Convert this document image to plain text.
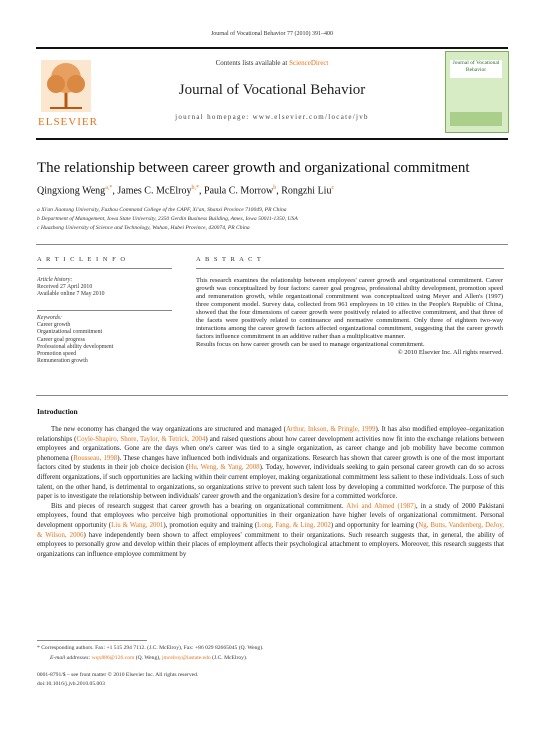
Journal of Vocational Behavior 77 (2010) 391–400
ELSEVIER
Contents lists available at ScienceDirect
Journal of Vocational Behavior
journal homepage: www.elsevier.com/locate/jvb
Journal of Vocational Behavior
The relationship between career growth and organizational commitment
Qingxiong Weng$^{a,*}$, James C. McElroy$^{b,*}$, Paula C. Morrow$^b$, Rongzhi Liu$^c$
a Xi'an Jiaotong University, Fuzhou Command College of the CAPF, Xi'an, Shanxi Province 710049, PR China
b Department of Management, Iowa State University, 2350 Gerdin Business Building, Ames, Iowa 50011-1350, USA
c Huazhong University of Science and Technology, Wuhan, Hubei Province, 430074, PR China
A R T I C L E I N F O
Article history:
Received 27 April 2010
Available online 7 May 2010
Keywords:
Career growth
Organizational commitment
Career goal progress
Professional ability development
Promotion speed
Remuneration growth
A B S T R A C T
This research examines the relationship between employees' career growth and organizational commitment. Career growth was conceptualized by four factors: career goal progress, professional ability development, promotion speed and remuneration growth, while organizational commitment was conceptualized using Meyer and Allen's (1997) three component model. Survey data, collected from 961 employees in 10 cities in the People's Republic of China, showed that the four dimensions of career growth were positively related to affective commitment, and that three of the facets were positively related to continuance and normative commitment. Only three of eighteen two-way interactions among the career growth factors affected organizational commitment, suggesting that the career growth factors influence commitment in an additive rather than a multiplicative manner.
Results focus on how career growth can be used to manage organizational commitment.
© 2010 Elsevier Inc. All rights reserved.
Introduction

The new economy has changed the way organizations are structured and managed (Arthur, Inkson, & Pringle, 1999). It has also modified employee–organization relationships (Coyle-Shapiro, Shore, Taylor, & Tetrick, 2004) and raised questions about how career development activities now fit into the exchange relations between employees and organizations. Gone are the days when one's career was tied to a single organization, as career change and job mobility have become common phenomena (Rousseau, 1998). These changes have influenced both individuals and organizations. Research has shown that career growth is one of the most important factors cited by students in their job choice decision (Hu, Weng, & Yang, 2008). Today, however, individuals seeking to gain personal career growth can do so across different organizations, if such opportunities are lacking within their current employer, making organizational commitment less salient to these individuals. Loss of such talent, on the other hand, is detrimental to organizations, so organizations strive to prevent such talent loss by developing a committed workforce. The purpose of this paper is to investigate the relationship between individuals' career growth and the organization's desire for a committed workforce.

Bits and pieces of research suggest that career growth has a bearing on organizational commitment. Alvi and Ahmed (1987), in a study of 2000 Pakistani employees, found that employees who perceive high promotional opportunities in their organization have higher levels of organizational commitment. Personal development opportunity (Liu & Wang, 2001), promotion equity and training (Long, Fang, & Ling, 2002) and opportunity for learning (Ng, Butts, Vandenberg, DeJoy, & Wilson, 2006) have independently been shown to affect employees' commitment to their organizations. Such research suggests that, in general, the ability of employees to personally grow and develop within their places of employment affects their psychological attachment to employers. Moreover, this research suggests that organizations can influence employee commitment by

* Corresponding authors. Fax: +1 515 294 7112. (J.C. McElroy), Fax: +86 029 82665045 (Q. Weng).
E-mail addresses: wqx886@126.com (Q. Weng), jmcelroy@iastate.edu (J.C. McElroy).
0001-8791/$ – see front matter © 2010 Elsevier Inc. All rights reserved.
doi:10.1016/j.jvb.2010.05.003
